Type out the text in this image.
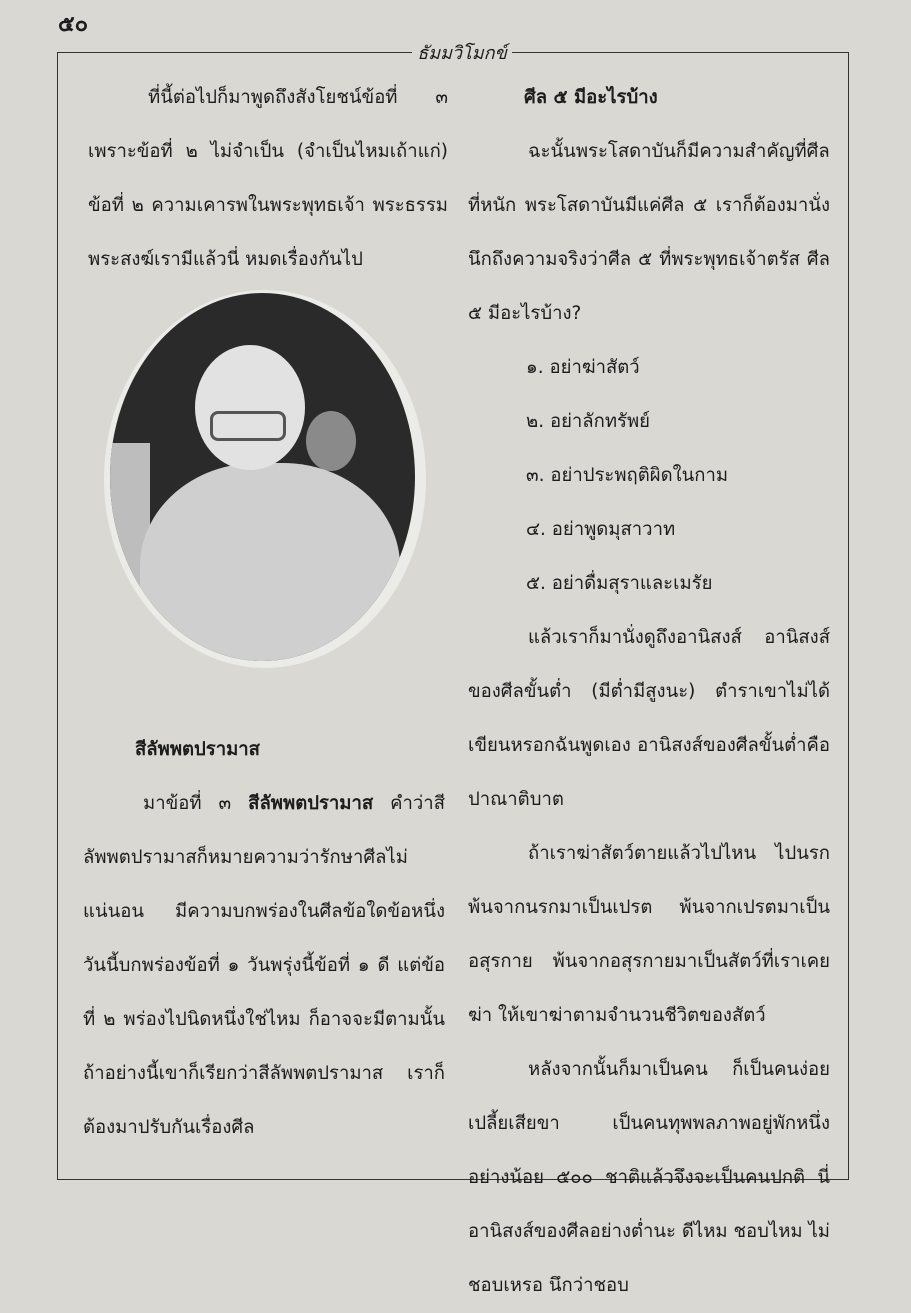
๕๐
ธัมมวิโมกข์

ที่นี้ต่อไปก็มาพูดถึงสังโยชน์ข้อที่ ๓ เพราะข้อที่ ๒ ไม่จำเป็น (จำเป็นไหมเถ้าแก่) ข้อที่ ๒ ความเคารพในพระพุทธเจ้า พระธรรม พระสงฆ์เรามีแล้วนี่ หมดเรื่องกันไป

สีลัพพตปรามาส

มาข้อที่ ๓ สีลัพพตปรามาส คำว่าสีลัพพตปรามาสก็หมายความว่ารักษาศีลไม่แน่นอน มีความบกพร่องในศีลข้อใดข้อหนึ่ง วันนี้บกพร่องข้อที่ ๑ วันพรุ่งนี้ข้อที่ ๑ ดี แต่ข้อที่ ๒ พร่องไปนิดหนึ่งใช่ไหม ก็อาจจะมีตามนั้น ถ้าอย่างนี้เขาก็เรียกว่าสีลัพพตปรามาส เราก็ต้องมาปรับกันเรื่องศีล

ศีล ๕ มีอะไรบ้าง

ฉะนั้นพระโสดาบันก็มีความสำคัญที่ศีลที่หนัก พระโสดาบันมีแค่ศีล ๕ เราก็ต้องมานั่งนึกถึงความจริงว่าศีล ๕ ที่พระพุทธเจ้าตรัส ศีล ๕ มีอะไรบ้าง?

๑. อย่าฆ่าสัตว์

๒. อย่าลักทรัพย์

๓. อย่าประพฤติผิดในกาม

๔. อย่าพูดมุสาวาท

๕. อย่าดื่มสุราและเมรัย

แล้วเราก็มานั่งดูถึงอานิสงส์ อานิสงส์ของศีลขั้นต่ำ (มีต่ำมีสูงนะ) ตำราเขาไม่ได้เขียนหรอกฉันพูดเอง อานิสงส์ของศีลขั้นต่ำคือปาณาติบาต

ถ้าเราฆ่าสัตว์ตายแล้วไปไหน ไปนรก พ้นจากนรกมาเป็นเปรต พ้นจากเปรตมาเป็นอสุรกาย พ้นจากอสุรกายมาเป็นสัตว์ที่เราเคยฆ่า ให้เขาฆ่าตามจำนวนชีวิตของสัตว์

หลังจากนั้นก็มาเป็นคน ก็เป็นคนง่อยเปลี้ยเสียขา เป็นคนทุพพลภาพอยู่พักหนึ่ง อย่างน้อย ๕๐๐ ชาติแล้วจึงจะเป็นคนปกติ นี่อานิสงส์ของศีลอย่างต่ำนะ ดีไหม ชอบไหม ไม่ชอบเหรอ นึกว่าชอบ
